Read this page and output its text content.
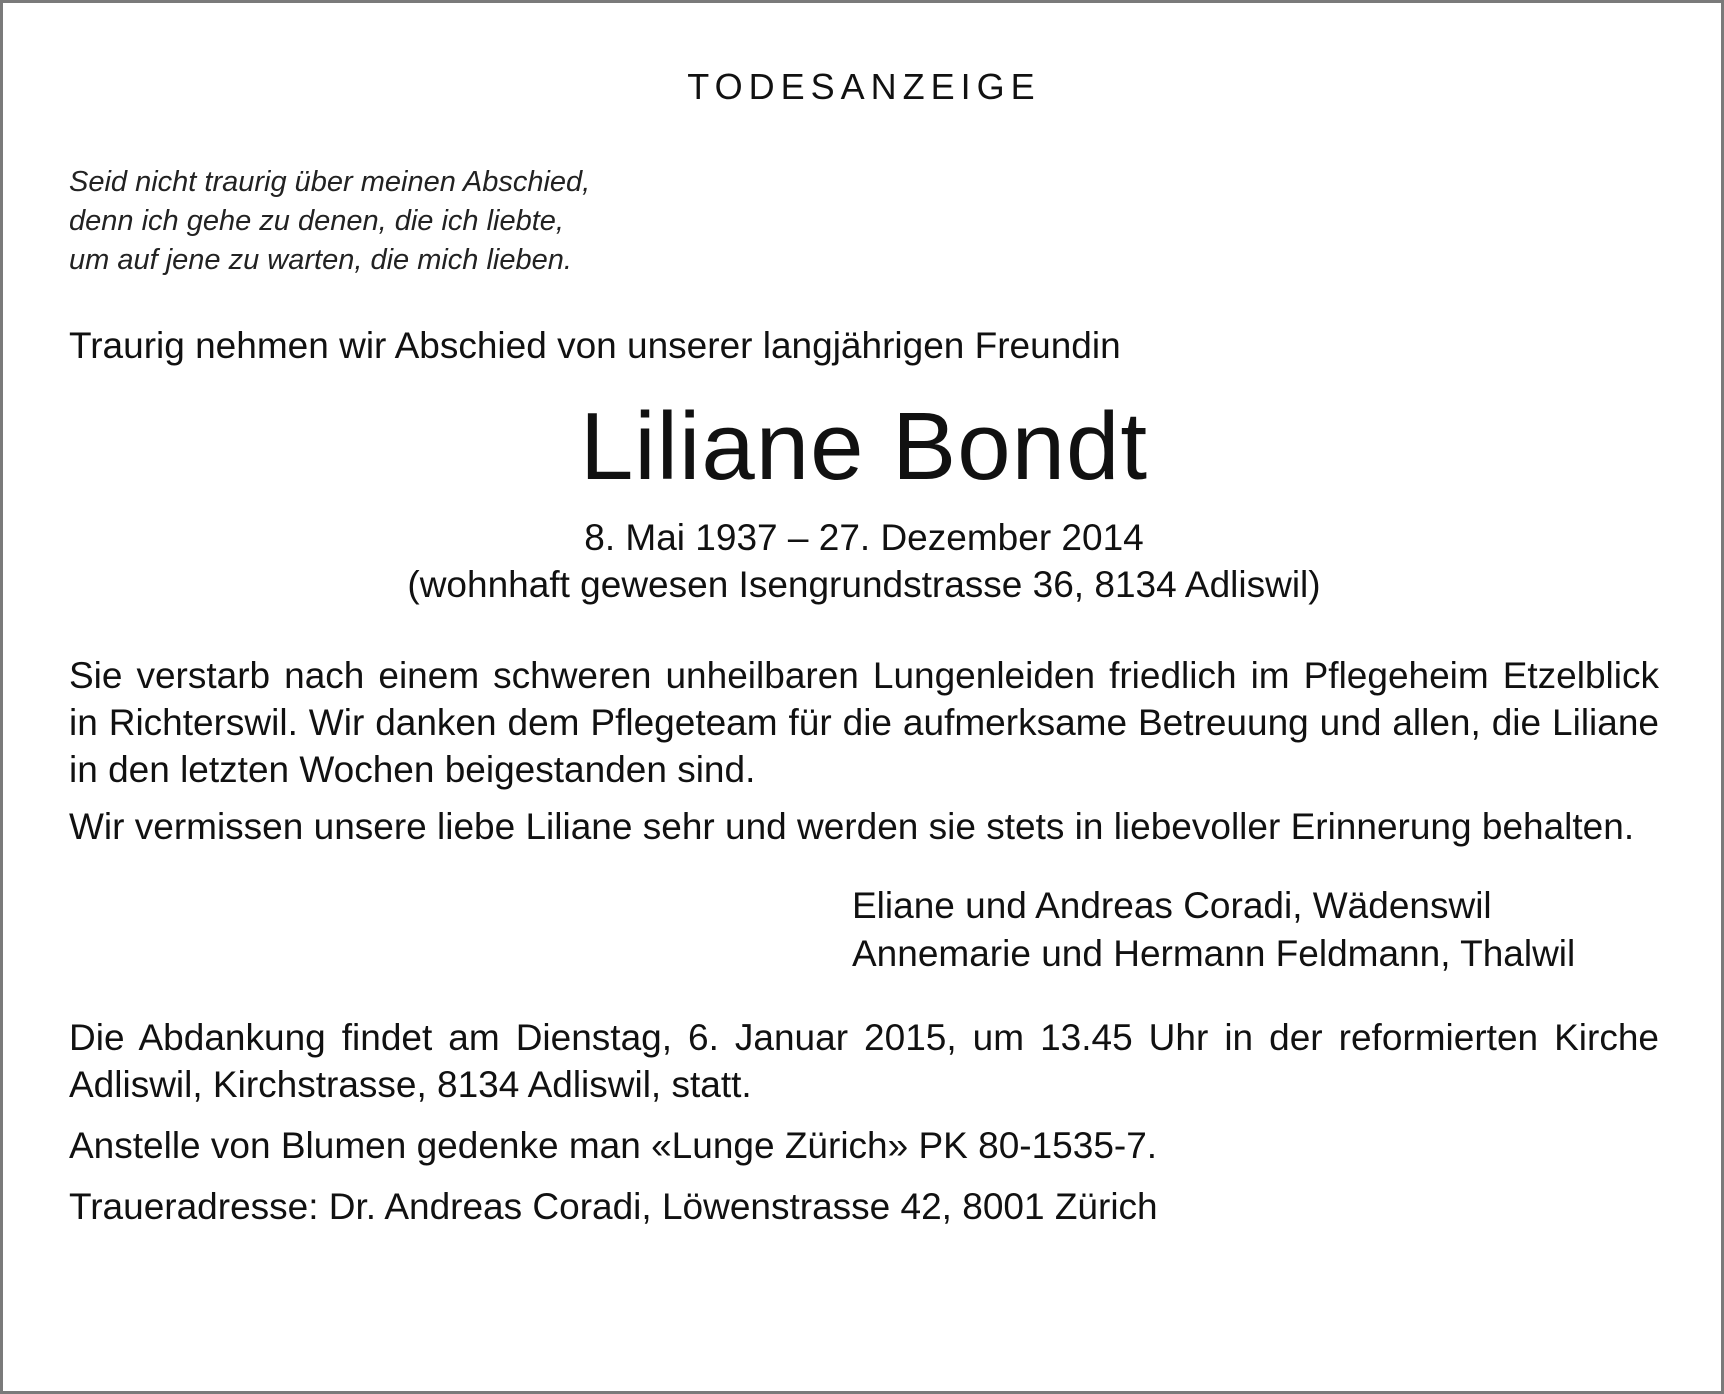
TODESANZEIGE
Seid nicht traurig über meinen Abschied,
denn ich gehe zu denen, die ich liebte,
um auf jene zu warten, die mich lieben.
Traurig nehmen wir Abschied von unserer langjährigen Freundin
Liliane Bondt
8. Mai 1937 – 27. Dezember 2014
(wohnhaft gewesen Isengrundstrasse 36, 8134 Adliswil)

Sie verstarb nach einem schweren unheilbaren Lungenleiden friedlich im Pflegeheim Etzelblick in Richterswil. Wir danken dem Pflegeteam für die aufmerksame Betreuung und allen, die Liliane in den letzten Wochen beigestanden sind.

Wir vermissen unsere liebe Liliane sehr und werden sie stets in liebevoller Erinnerung behalten.

Eliane und Andreas Coradi, Wädenswil
Annemarie und Hermann Feldmann, Thalwil

Die Abdankung findet am Dienstag, 6. Januar 2015, um 13.45 Uhr in der reformierten Kirche Adliswil, Kirchstrasse, 8134 Adliswil, statt.

Anstelle von Blumen gedenke man «Lunge Zürich» PK 80-1535-7.

Traueradresse: Dr. Andreas Coradi, Löwenstrasse 42, 8001 Zürich
